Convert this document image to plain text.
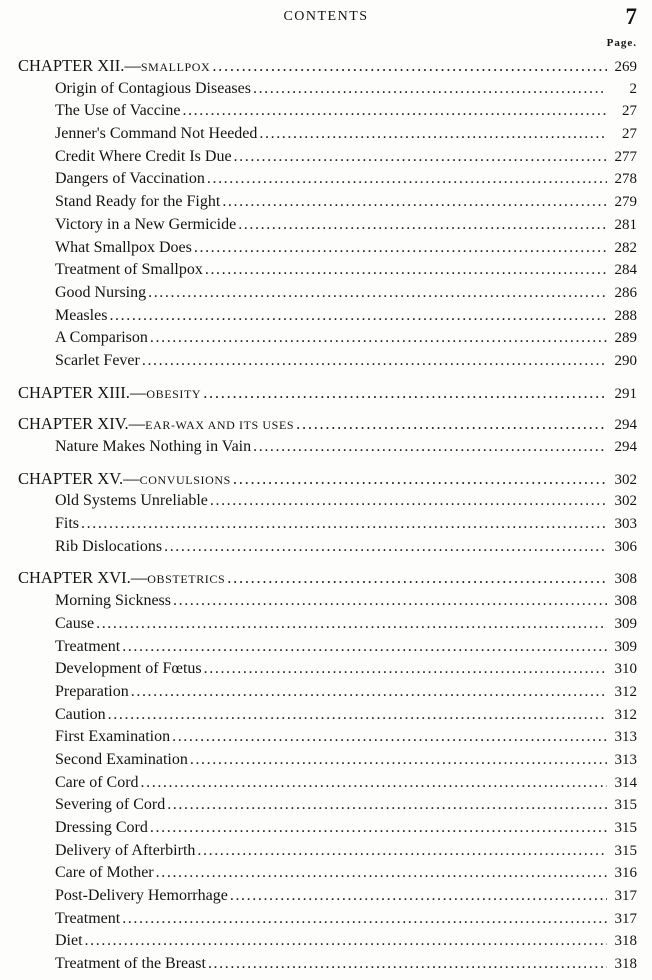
CONTENTS	7
Page.
CHAPTER XII.—SMALLPOX . . .	269
Origin of Contagious Diseases . . .	2
The Use of Vaccine . . .	27
Jenner's Command Not Heeded . . .	27
Credit Where Credit Is Due . . .	277
Dangers of Vaccination . . .	278
Stand Ready for the Fight . . .	279
Victory in a New Germicide . . .	281
What Smallpox Does . . .	282
Treatment of Smallpox . . .	284
Good Nursing . . .	286
Measles . . .	288
A Comparison . . .	289
Scarlet Fever . . .	290
CHAPTER XIII.—OBESITY . . .	291
CHAPTER XIV.—EAR-WAX AND ITS USES . . .	294
Nature Makes Nothing in Vain . . .	294
CHAPTER XV.—CONVULSIONS . . .	302
Old Systems Unreliable . . .	302
Fits . . .	303
Rib Dislocations . . .	306
CHAPTER XVI.—OBSTETRICS . . .	308
Morning Sickness . . .	308
Cause . . .	309
Treatment . . .	309
Development of Fœtus . . .	310
Preparation . . .	312
Caution . . .	312
First Examination . . .	313
Second Examination . . .	313
Care of Cord . . .	314
Severing of Cord . . .	315
Dressing Cord . . .	315
Delivery of Afterbirth . . .	315
Care of Mother . . .	316
Post-Delivery Hemorrhage . . .	317
Treatment . . .	317
Diet . . .	318
Treatment of the Breast . . .	318
